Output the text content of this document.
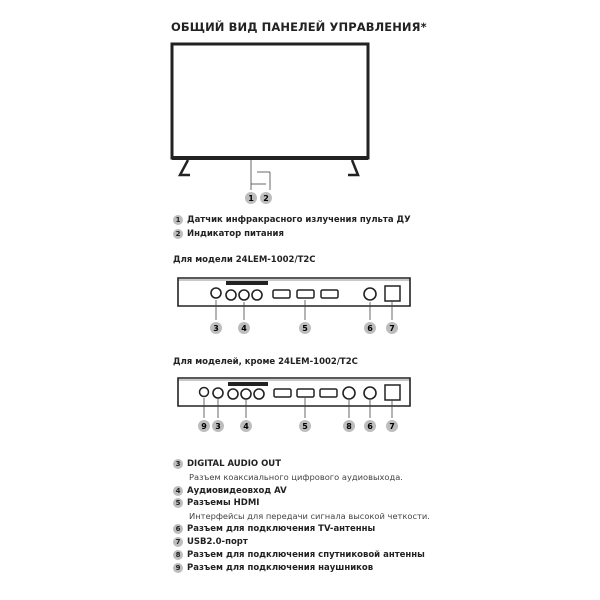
ОБЩИЙ ВИД ПАНЕЛЕЙ УПРАВЛЕНИЯ*
1 2
1 Датчик инфракрасного излучения пульта ДУ
2 Индикатор питания
Для модели 24LEM-1002/T2C
3	4	5	6 7
Для моделей, кроме 24LEM-1002/T2C
9 3	4	5	8 6 7
3 DIGITAL AUDIO OUT
Разъем коаксиального цифрового аудиовыхода.
4 Аудиовидеовход AV
5 Разъемы HDMI
Интерфейсы для передачи сигнала высокой четкости.
6 Разъем для подключения TV-антенны
7 USB2.0-порт
8 Разъем для подключения спутниковой антенны
9 Разъем для подключения наушников
